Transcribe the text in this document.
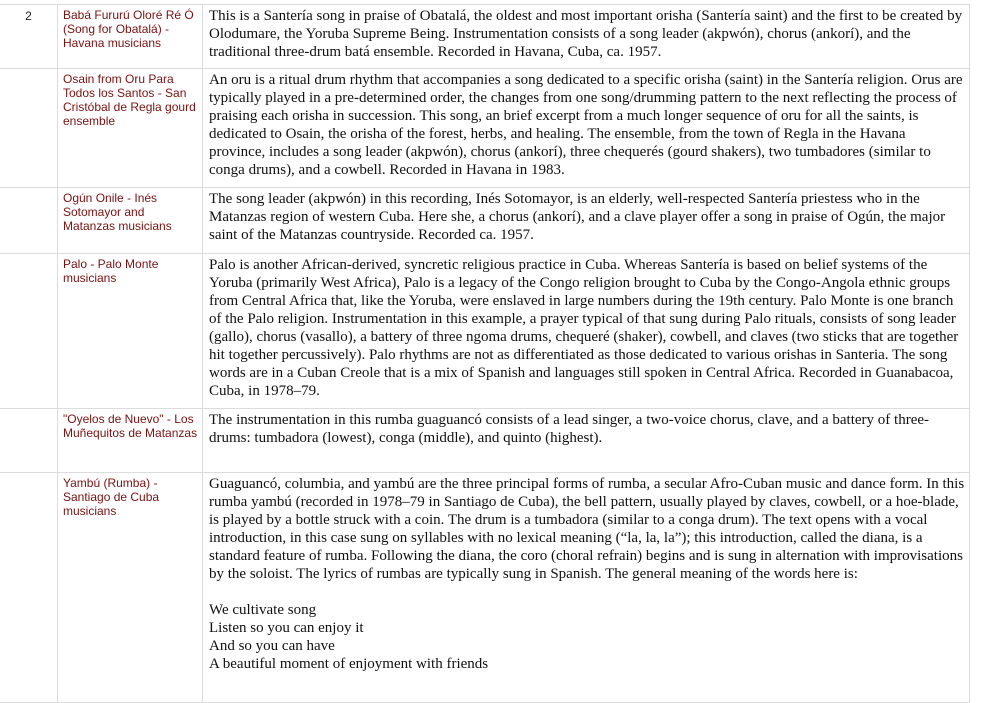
2	Babá Fururú Oloré Ré Ó (Song for Obatalá) - Havana musicians	This is a Santería song in praise of Obatalá, the oldest and most important orisha (Santería saint) and the first to be created by Olodumare, the Yoruba Supreme Being. Instrumentation consists of a song leader (akpwón), chorus (ankorí), and the traditional three-drum batá ensemble. Recorded in Havana, Cuba, ca. 1957.
	Osain from Oru Para Todos los Santos - San Cristóbal de Regla gourd ensemble	An oru is a ritual drum rhythm that accompanies a song dedicated to a specific orisha (saint) in the Santería religion. Orus are typically played in a pre-determined order, the changes from one song/drumming pattern to the next reflecting the process of praising each orisha in succession. This song, an brief excerpt from a much longer sequence of oru for all the saints, is dedicated to Osain, the orisha of the forest, herbs, and healing. The ensemble, from the town of Regla in the Havana province, includes a song leader (akpwón), chorus (ankorí), three chequerés (gourd shakers), two tumbadores (similar to conga drums), and a cowbell. Recorded in Havana in 1983.
	Ogún Onile - Inés Sotomayor and Matanzas musicians	The song leader (akpwón) in this recording, Inés Sotomayor, is an elderly, well-respected Santería priestess who in the Matanzas region of western Cuba. Here she, a chorus (ankorí), and a clave player offer a song in praise of Ogún, the major saint of the Matanzas countryside. Recorded ca. 1957.
	Palo - Palo Monte musicians	Palo is another African-derived, syncretic religious practice in Cuba. Whereas Santería is based on belief systems of the Yoruba (primarily West Africa), Palo is a legacy of the Congo religion brought to Cuba by the Congo-Angola ethnic groups from Central Africa that, like the Yoruba, were enslaved in large numbers during the 19th century. Palo Monte is one branch of the Palo religion. Instrumentation in this example, a prayer typical of that sung during Palo rituals, consists of song leader (gallo), chorus (vasallo), a battery of three ngoma drums, chequeré (shaker), cowbell, and claves (two sticks that are together hit together percussively). Palo rhythms are not as differentiated as those dedicated to various orishas in Santeria. The song words are in a Cuban Creole that is a mix of Spanish and languages still spoken in Central Africa. Recorded in Guanabacoa, Cuba, in 1978–79.
	"Oyelos de Nuevo" - Los Muñequitos de Matanzas	The instrumentation in this rumba guaguancó consists of a lead singer, a two-voice chorus, clave, and a battery of three-drums: tumbadora (lowest), conga (middle), and quinto (highest).
	Yambú (Rumba) - Santiago de Cuba musicians	Guaguancó, columbia, and yambú are the three principal forms of rumba, a secular Afro-Cuban music and dance form. In this rumba yambú (recorded in 1978–79 in Santiago de Cuba), the bell pattern, usually played by claves, cowbell, or a hoe-blade, is played by a bottle struck with a coin. The drum is a tumbadora (similar to a conga drum). The text opens with a vocal introduction, in this case sung on syllables with no lexical meaning (“la, la, la”); this introduction, called the diana, is a standard feature of rumba. Following the diana, the coro (choral refrain) begins and is sung in alternation with improvisations by the soloist. The lyrics of rumbas are typically sung in Spanish. The general meaning of the words here is:
We cultivate song
Listen so you can enjoy it
And so you can have
A beautiful moment of enjoyment with friends
